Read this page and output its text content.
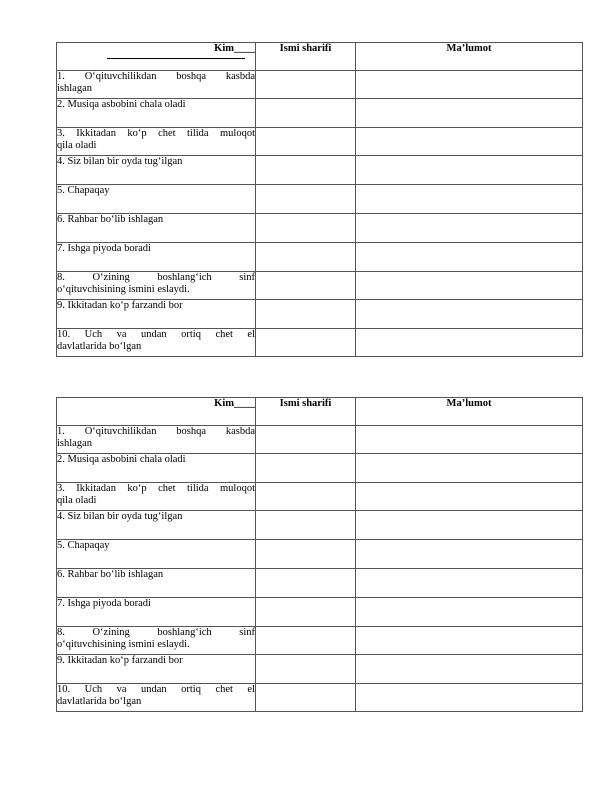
Kim____	Ismi sharifi	Ma’lumot

1. O‘qituvchilikdan boshqa kasbda
ishlagan		

2. Musiqa asbobini chala oladi		

3. Ikkitadan ko‘p chet tilida muloqot
qila oladi		

4. Siz bilan bir oyda tug‘ilgan		

5. Chapaqay		

6. Rahbar bo‘lib ishlagan		

7. Ishga piyoda boradi		

8. O‘zining boshlang‘ich sinf
o‘qituvchisining ismini eslaydi.		

9. Ikkitadan ko‘p farzandi bor		

10. Uch va undan ortiq chet el
davlatlarida bo‘lgan		

Kim____	Ismi sharifi	Ma’lumot

1. O‘qituvchilikdan boshqa kasbda
ishlagan		

2. Musiqa asbobini chala oladi		

3. Ikkitadan ko‘p chet tilida muloqot
qila oladi		

4. Siz bilan bir oyda tug‘ilgan		

5. Chapaqay		

6. Rahbar bo‘lib ishlagan		

7. Ishga piyoda boradi		

8. O‘zining boshlang‘ich sinf
o‘qituvchisining ismini eslaydi.		

9. Ikkitadan ko‘p farzandi bor		

10. Uch va undan ortiq chet el
davlatlarida bo‘lgan		
